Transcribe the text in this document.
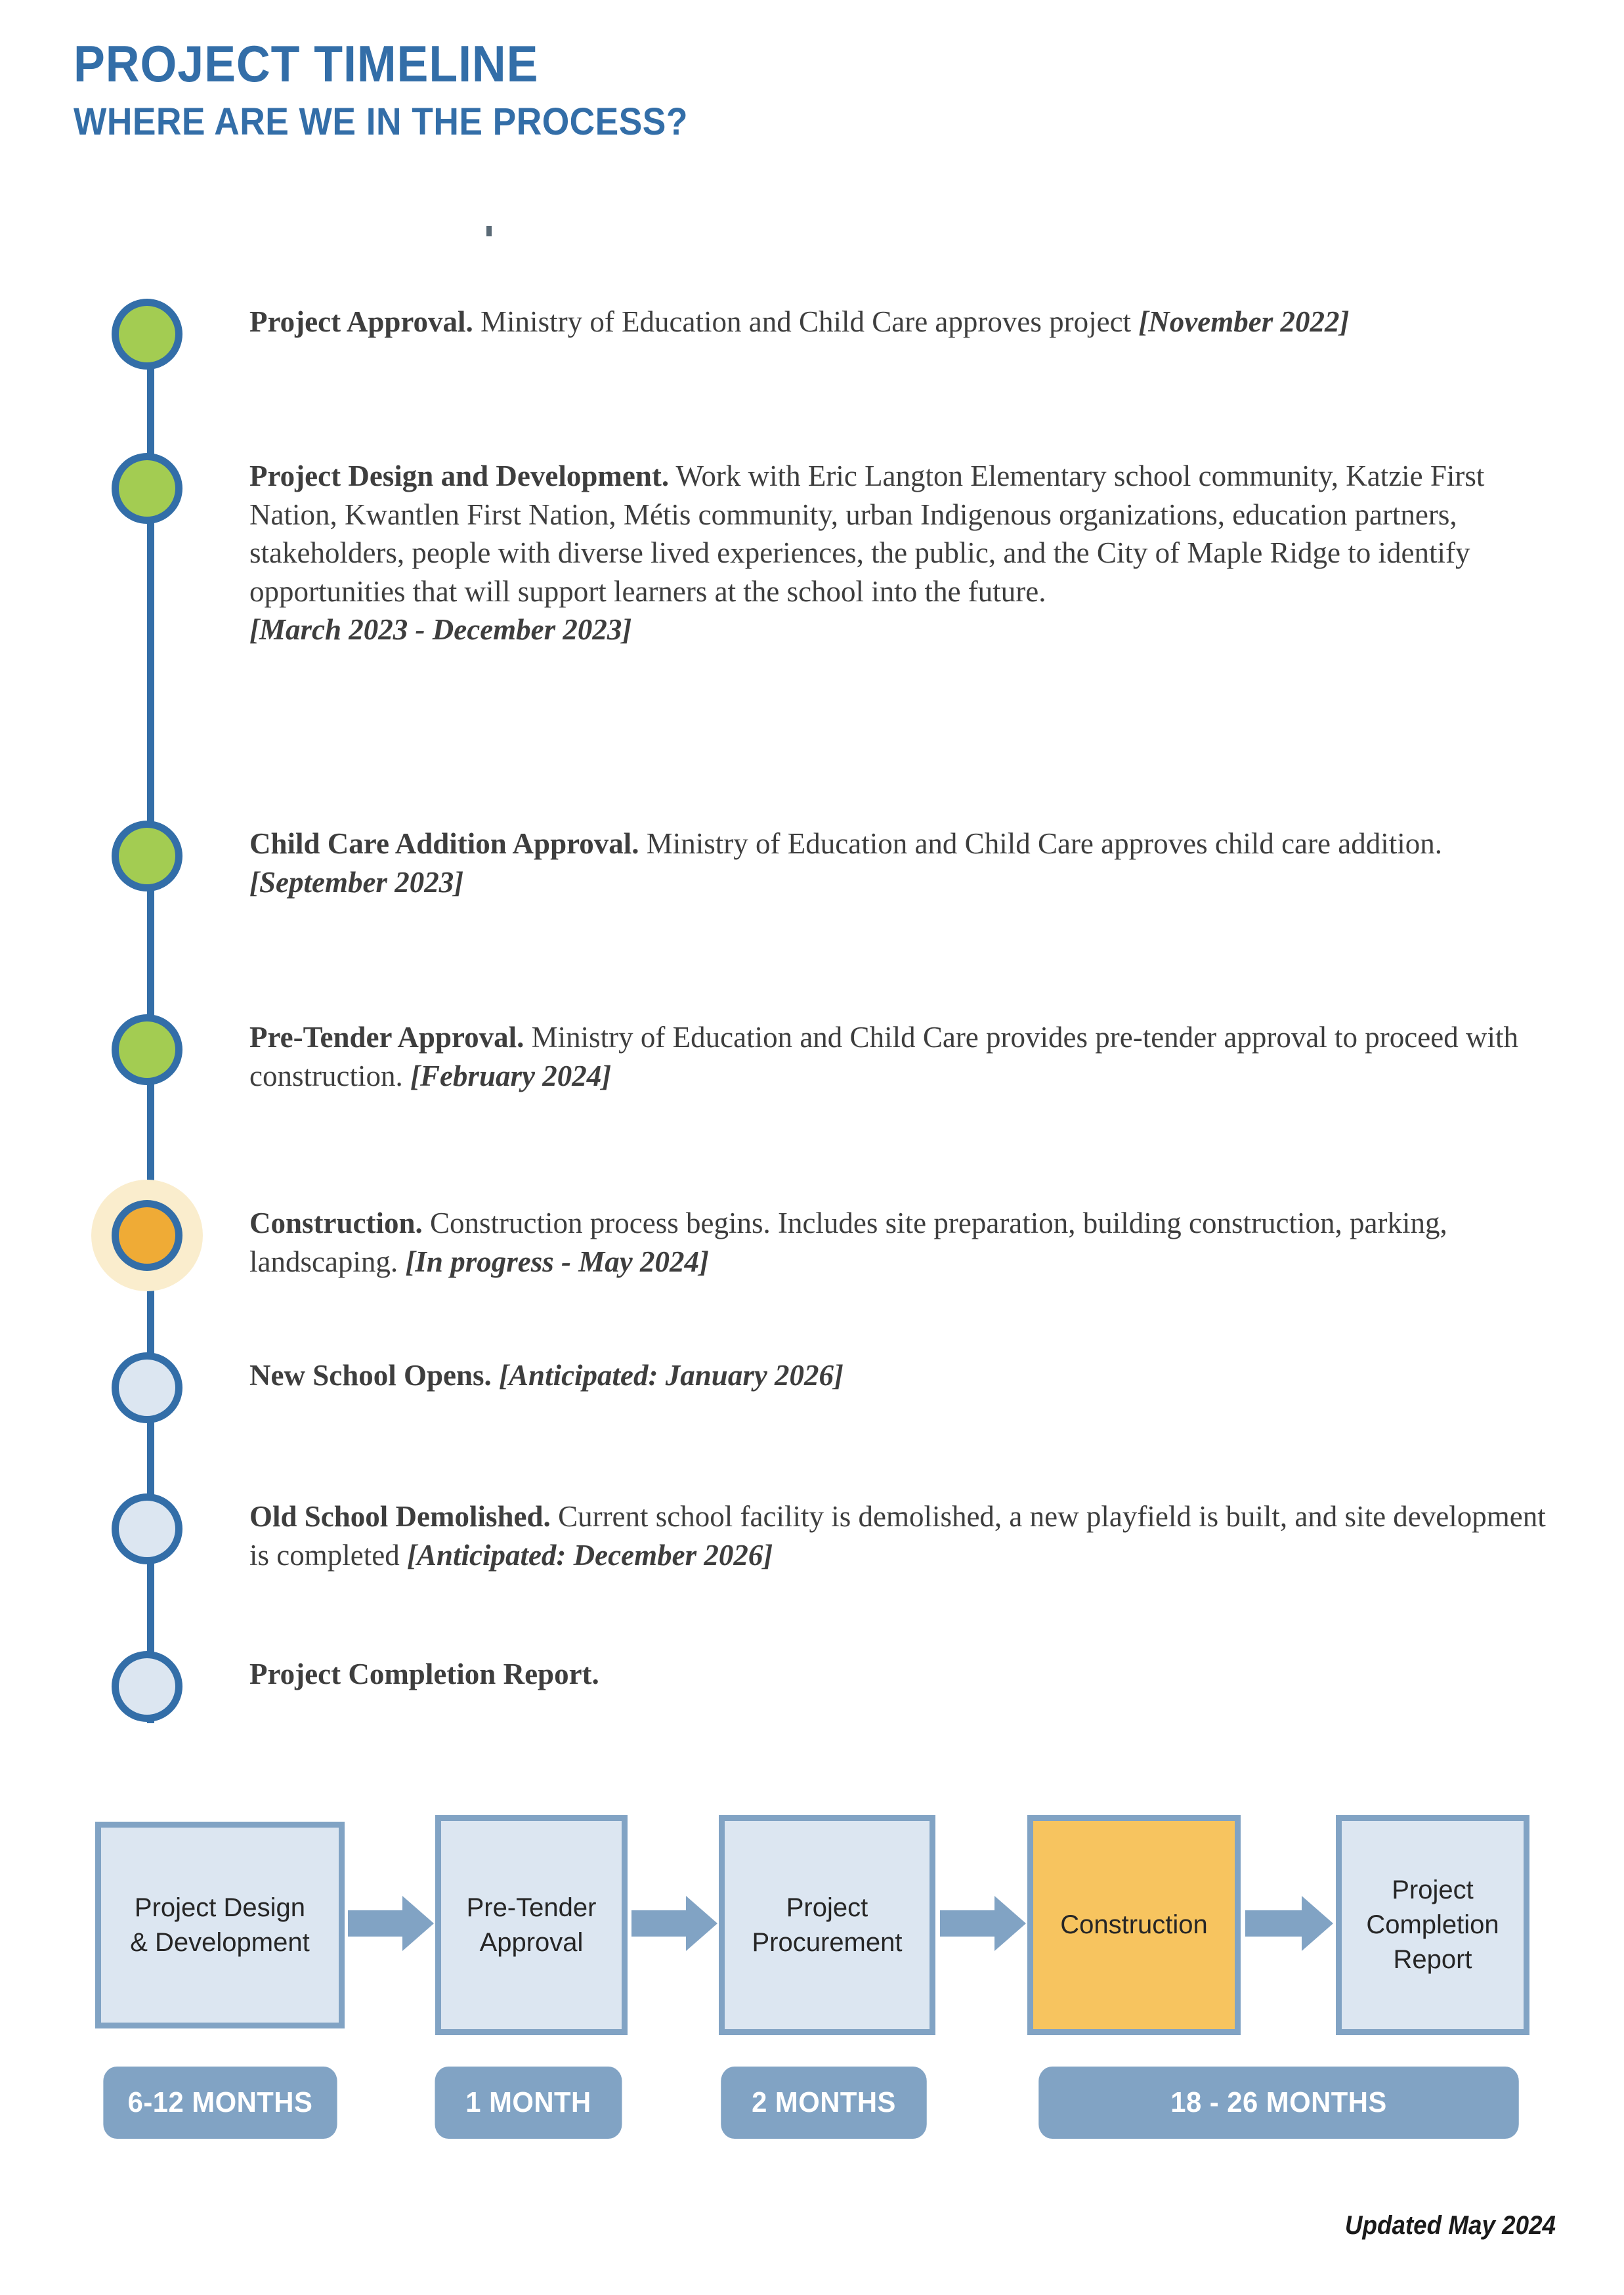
PROJECT TIMELINE
WHERE ARE WE IN THE PROCESS?
Project Approval. Ministry of Education and Child Care approves project [November 2022]
Project Design and Development. Work with Eric Langton Elementary school community, Katzie First Nation, Kwantlen First Nation, Métis community, urban Indigenous organizations, education partners, stakeholders, people with diverse lived experiences, the public, and the City of Maple Ridge to identify opportunities that will support learners at the school into the future.
[March 2023 - December 2023]
Child Care Addition Approval. Ministry of Education and Child Care approves child care addition. [September 2023]
Pre-Tender Approval. Ministry of Education and Child Care provides pre-tender approval to proceed with construction. [February 2024]
Construction. Construction process begins. Includes site preparation, building construction, parking, landscaping. [In progress - May 2024]
New School Opens. [Anticipated: January 2026]
Old School Demolished. Current school facility is demolished, a new playfield is built, and site development is completed [Anticipated: December 2026]
Project Completion Report.
Project Design
& Development
Pre-Tender
Approval
Project
Procurement
Construction
Project
Completion
Report
6-12 MONTHS	1 MONTH	2 MONTHS	18 - 26 MONTHS
Updated May 2024
